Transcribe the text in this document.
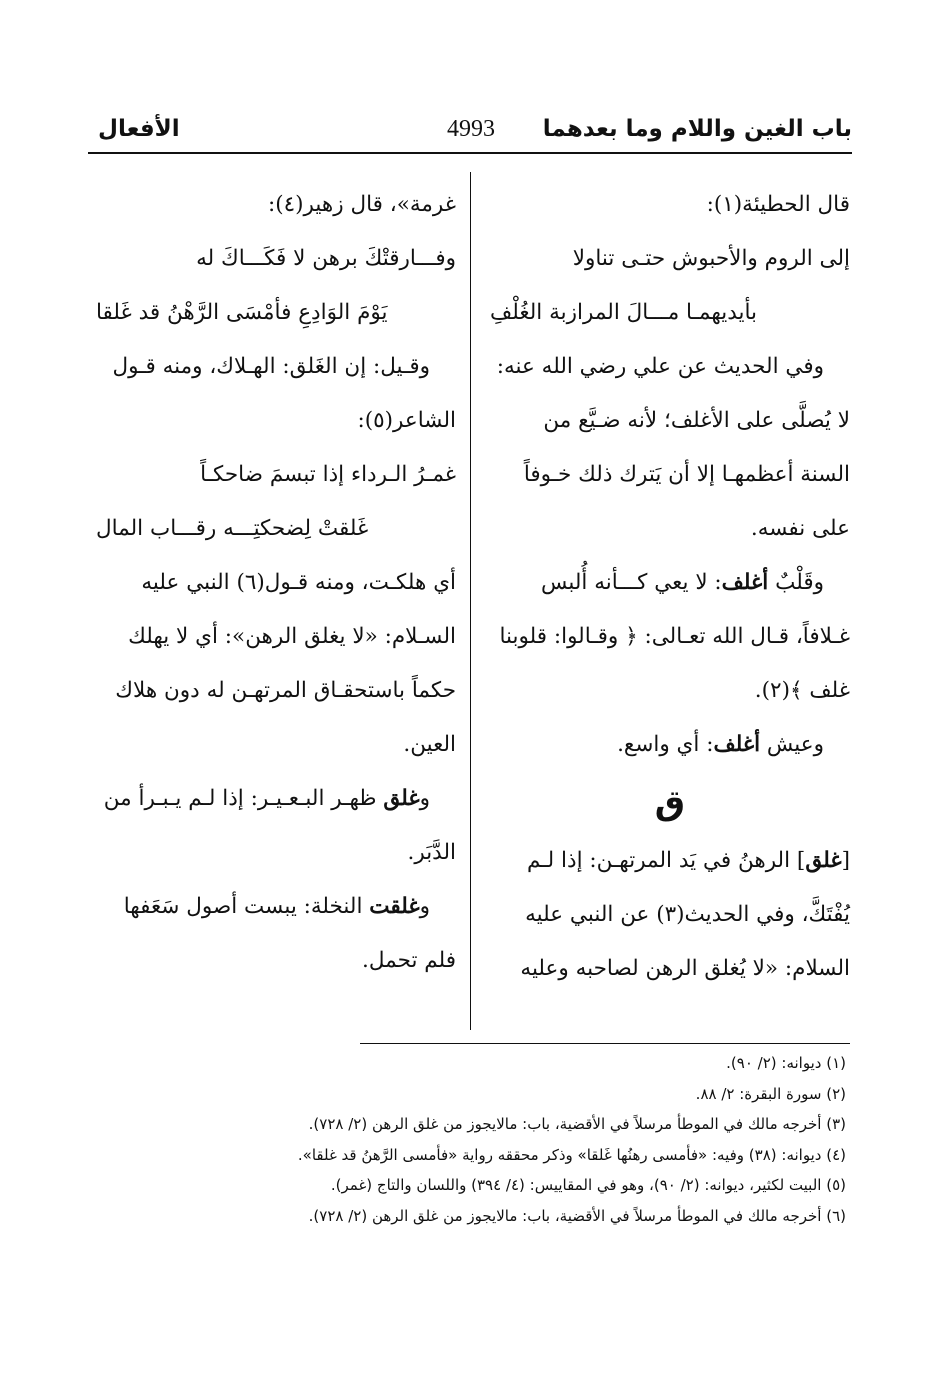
باب الغين واللام وما بعدهما
4993
الأفعال

قال الحطيئة(١):

إلى الروم والأحبوش حتـى تناولا

بأيديهمـا مـــالَ المرازبة الغُلْفِ

وفي الحديث عن علي رضي الله عنه:

لا يُصلَّى على الأغلف؛ لأنه ضـيَّع من

السنة أعظمهـا إلا أن يَترك ذلك خـوفاً

على نفسه.

وقَلْبٌ أغلف: لا يعي كـــأنه أُلبس

غـلافاً، قـال الله تعـالى: ﴿ وقـالوا: قلوبنا

غلف ﴾(٢).

وعيش أغلف: أي واسع.

ق

[غلق] الرهنُ في يَد المرتهـن: إذا لـم

يُفْتَكَّ، وفي الحديث(٣) عن النبي عليه

السلام: «لا يُغلق الرهن لصاحبه وعليه

غرمة»، قال زهير(٤):

وفـــارقتْكَ برهن لا فَكَـــاكَ له

يَوْمَ الوَادِعِ فأمْسَى الرَّهْنُ قد غَلقا

وقـيل: إن الغَلق: الهـلاك، ومنه قـول

الشاعر(٥):

غمـرُ الـرداء إذا تبسمَ ضاحكـاً

غَلقتْ لِضحكتِـــه رقـــاب المال

أي هلكـت، ومنه قـول(٦) النبي عليه

السـلام: «لا يغلق الرهن»: أي لا يهلك

حكماً باستحقـاق المرتهـن له دون هلاك

العين.

وغلق ظهـر البـعـيـر: إذا لـم يـبـرأ من

الدَّبَر.

وغلقت النخلة: يبست أصول سَعَفها

فلم تحمل.

(١) ديوانه: (٢/ ٩٠).
(٢) سورة البقرة: ٢/ ٨٨.
(٣) أخرجه مالك في الموطأ مرسلاً في الأقضية، باب: مالايجوز من غلق الرهن (٢/ ٧٢٨).
(٤) ديوانه: (٣٨) وفيه: «فأمسى رهنُها غَلقا» وذكر محققه رواية «فأمسى الرَّهنُ قد غلقا».
(٥) البيت لكثير، ديوانه: (٢/ ٩٠)، وهو في المقاييس: (٤/ ٣٩٤) واللسان والتاج (غمر).
(٦) أخرجه مالك في الموطأ مرسلاً في الأقضية، باب: مالايجوز من غلق الرهن (٢/ ٧٢٨).
